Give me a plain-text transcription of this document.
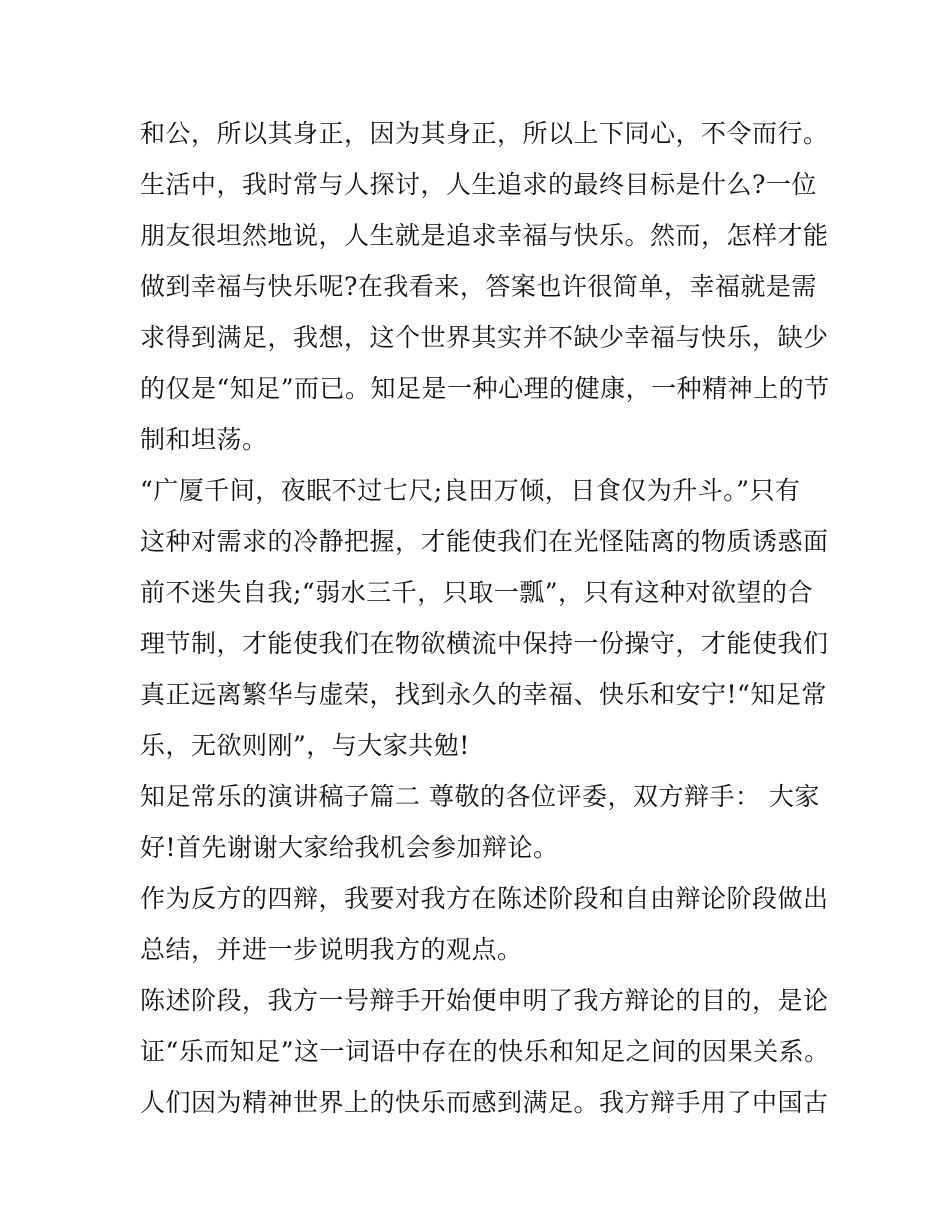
和公，所以其身正，因为其身正，所以上下同心，不令而行。
生活中，我时常与人探讨，人生追求的最终目标是什么?一位
朋友很坦然地说，人生就是追求幸福与快乐。然而，怎样才能
做到幸福与快乐呢?在我看来，答案也许很简单，幸福就是需
求得到满足，我想，这个世界其实并不缺少幸福与快乐，缺少
的仅是“知足”而已。知足是一种心理的健康，一种精神上的节
制和坦荡。
“广厦千间，夜眠不过七尺;良田万倾，日食仅为升斗。”只有
这种对需求的冷静把握，才能使我们在光怪陆离的物质诱惑面
前不迷失自我;“弱水三千，只取一瓢”，只有这种对欲望的合
理节制，才能使我们在物欲横流中保持一份操守，才能使我们
真正远离繁华与虚荣，找到永久的幸福、快乐和安宁!“知足常
乐，无欲则刚”，与大家共勉!
知足常乐的演讲稿子篇二 尊敬的各位评委，双方辩手： 大家
好!首先谢谢大家给我机会参加辩论。
作为反方的四辩，我要对我方在陈述阶段和自由辩论阶段做出
总结，并进一步说明我方的观点。
陈述阶段，我方一号辩手开始便申明了我方辩论的目的，是论
证“乐而知足”这一词语中存在的快乐和知足之间的因果关系。
人们因为精神世界上的快乐而感到满足。我方辩手用了中国古
